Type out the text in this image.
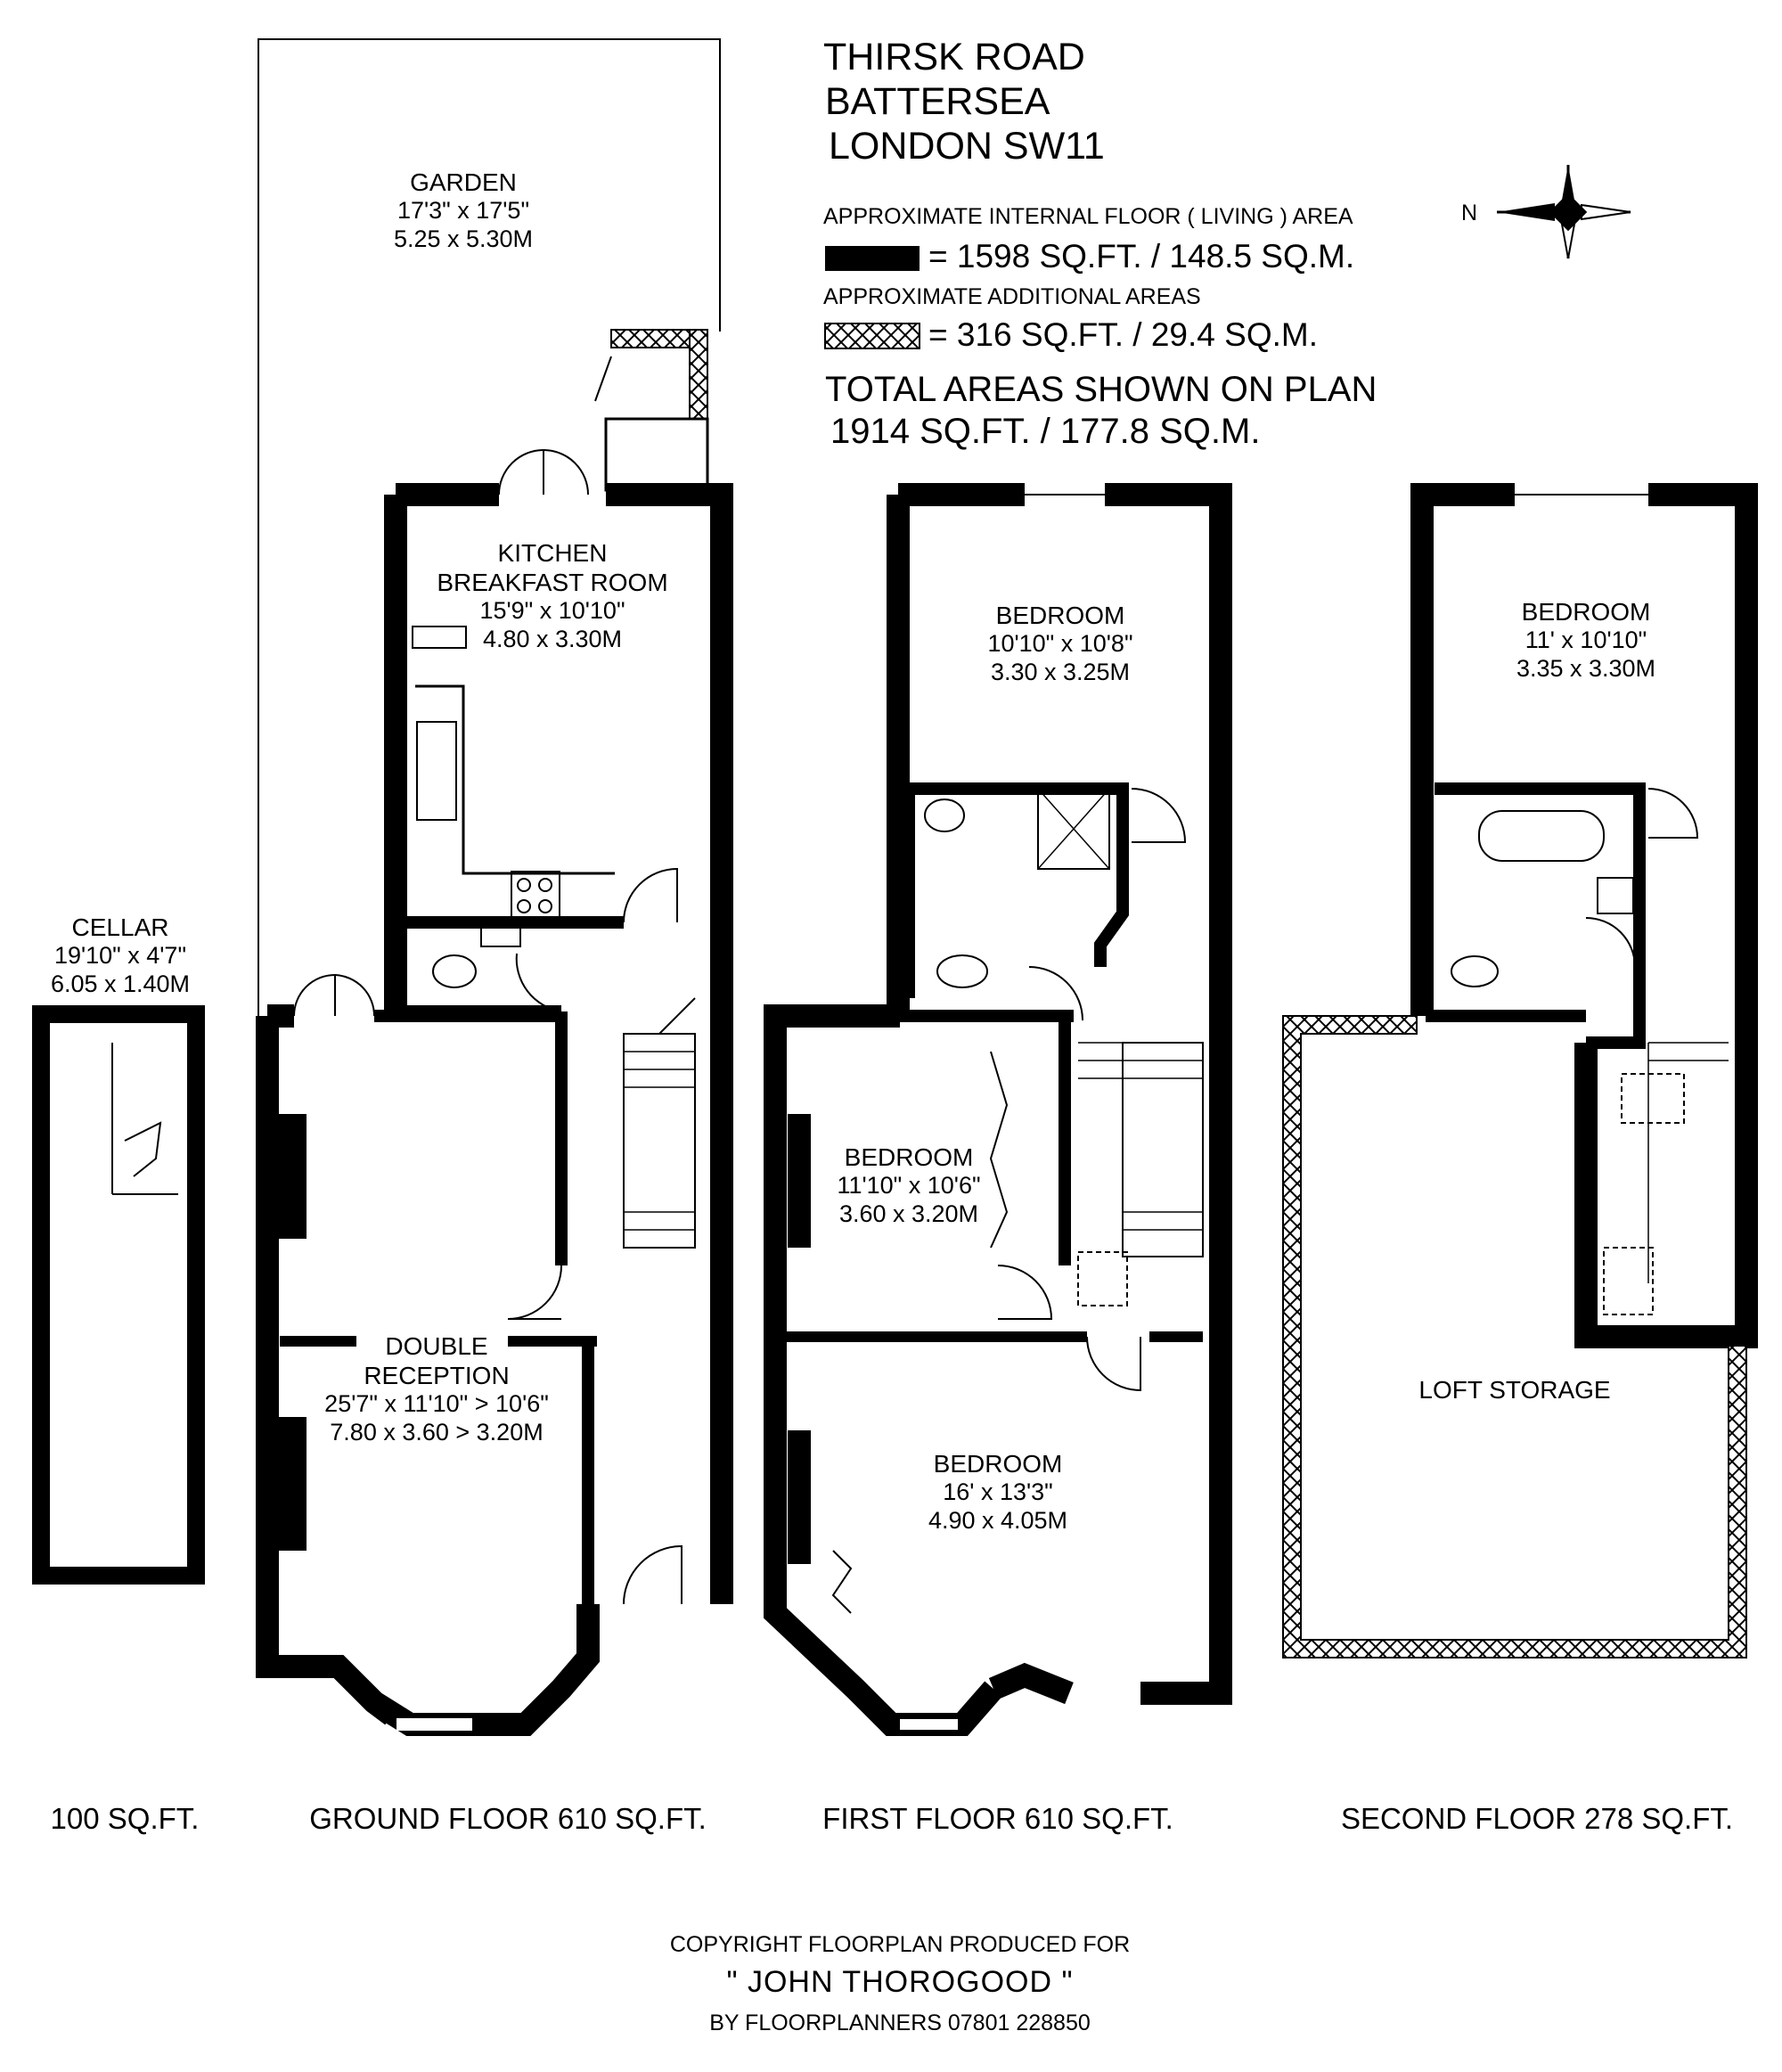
THIRSK ROAD
BATTERSEA
LONDON SW11
APPROXIMATE INTERNAL FLOOR ( LIVING ) AREA
= 1598 SQ.FT. / 148.5 SQ.M.
APPROXIMATE ADDITIONAL AREAS
= 316 SQ.FT. / 29.4 SQ.M.
TOTAL AREAS SHOWN ON PLAN
1914 SQ.FT. / 177.8 SQ.M.
N
GARDEN
17'3" x 17'5"
5.25 x 5.30M
KITCHEN
BREAKFAST ROOM
15'9" x 10'10"
4.80 x 3.30M
DOUBLE
RECEPTION
25'7" x 11'10" > 10'6"
7.80 x 3.60 > 3.20M
CELLAR
19'10" x 4'7"
6.05 x 1.40M
BEDROOM
10'10" x 10'8"
3.30 x 3.25M
BEDROOM
11'10" x 10'6"
3.60 x 3.20M
BEDROOM
16' x 13'3"
4.90 x 4.05M
BEDROOM
11' x 10'10"
3.35 x 3.30M
LOFT STORAGE
100 SQ.FT.	GROUND FLOOR 610 SQ.FT.	FIRST FLOOR 610 SQ.FT.	SECOND FLOOR 278 SQ.FT.
COPYRIGHT FLOORPLAN PRODUCED FOR
" JOHN THOROGOOD "
BY FLOORPLANNERS 07801 228850
